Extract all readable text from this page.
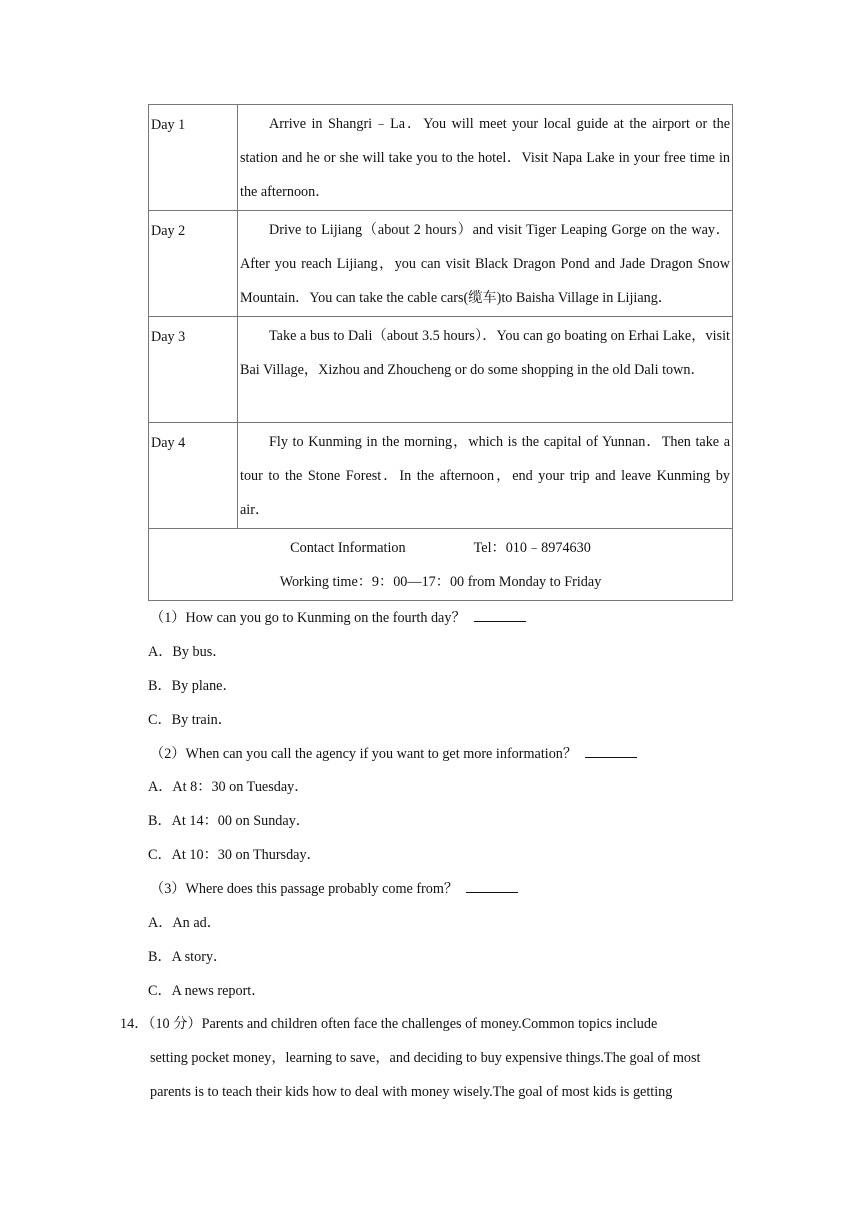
Day 1	Arrive in Shangri﹣La．You will meet your local guide at the airport or the station and he or she will take you to the hotel．Visit Napa Lake in your free time in the afternoon．
Day 2	Drive to Lijiang（about 2 hours）and visit Tiger Leaping Gorge on the way．After you reach Lijiang，you can visit Black Dragon Pond and Jade Dragon Snow Mountain．You can take the cable cars(缆车)to Baisha Village in Lijiang．
Day 3	Take a bus to Dali（about 3.5 hours）．You can go boating on Erhai Lake，visit Bai Village，Xizhou and Zhoucheng or do some shopping in the old Dali town．
Day 4	Fly to Kunming in the morning，which is the capital of Yunnan．Then take a tour to the Stone Forest．In the afternoon，end your trip and leave Kunming by air．

Contact Information Tel：010﹣8974630
Working time：9：00—17：00 from Monday to Friday	
（1）How can you go to Kunming on the fourth day？
A．By bus．
B．By plane．
C．By train．
（2）When can you call the agency if you want to get more information？
A．At 8：30 on Tuesday．
B．At 14：00 on Sunday．
C．At 10：30 on Thursday．
（3）Where does this passage probably come from？
A．An ad．
B．A story．
C．A news report．
14．（10 分）Parents and children often face the challenges of money.Common topics include
setting pocket money，learning to save，and deciding to buy expensive things.The goal of most
parents is to teach their kids how to deal with money wisely.The goal of most kids is getting
